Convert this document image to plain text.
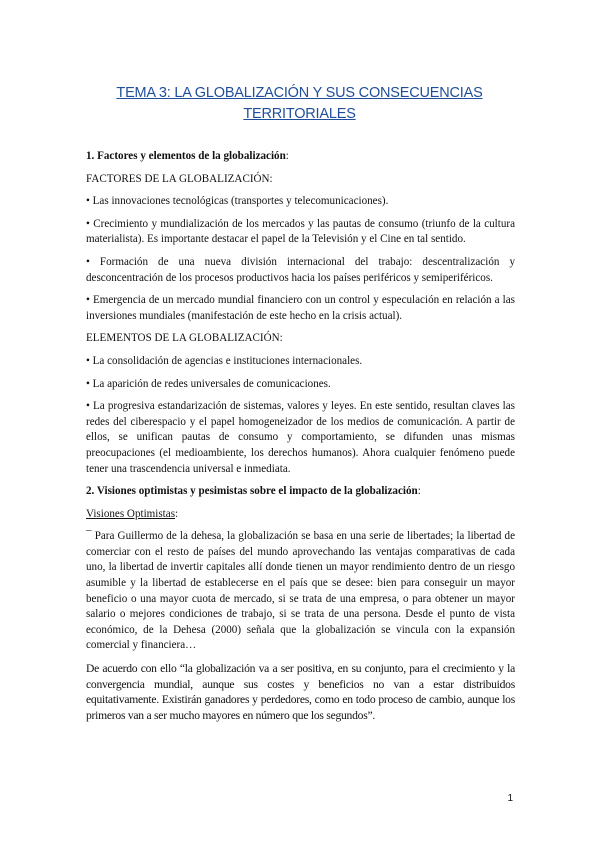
TEMA 3: LA GLOBALIZACIÓN Y SUS CONSECUENCIAS TERRITORIALES

1. Factores y elementos de la globalización:

FACTORES DE LA GLOBALIZACIÓN:

• Las innovaciones tecnológicas (transportes y telecomunicaciones).

• Crecimiento y mundialización de los mercados y las pautas de consumo (triunfo de la cultura materialista). Es importante destacar el papel de la Televisión y el Cine en tal sentido.

• Formación de una nueva división internacional del trabajo: descentralización y desconcentración de los procesos productivos hacia los países periféricos y semiperiféricos.

• Emergencia de un mercado mundial financiero con un control y especulación en relación a las inversiones mundiales (manifestación de este hecho en la crisis actual).

ELEMENTOS DE LA GLOBALIZACIÓN:

• La consolidación de agencias e instituciones internacionales.

• La aparición de redes universales de comunicaciones.

• La progresiva estandarización de sistemas, valores y leyes. En este sentido, resultan claves las redes del ciberespacio y el papel homogeneizador de los medios de comunicación. A partir de ellos, se unifican pautas de consumo y comportamiento, se difunden unas mismas preocupaciones (el medioambiente, los derechos humanos). Ahora cualquier fenómeno puede tener una trascendencia universal e inmediata.

2. Visiones optimistas y pesimistas sobre el impacto de la globalización:

Visiones Optimistas:

¯ Para Guillermo de la dehesa, la globalización se basa en una serie de libertades; la libertad de comerciar con el resto de países del mundo aprovechando las ventajas comparativas de cada uno, la libertad de invertir capitales allí donde tienen un mayor rendimiento dentro de un riesgo asumible y la libertad de establecerse en el país que se desee: bien para conseguir un mayor beneficio o una mayor cuota de mercado, si se trata de una empresa, o para obtener un mayor salario o mejores condiciones de trabajo, si se trata de una persona. Desde el punto de vista económico, de la Dehesa (2000) señala que la globalización se vincula con la expansión comercial y financiera…

De acuerdo con ello “la globalización va a ser positiva, en su conjunto, para el crecimiento y la convergencia mundial, aunque sus costes y beneficios no van a estar distribuidos equitativamente. Existirán ganadores y perdedores, como en todo proceso de cambio, aunque los primeros van a ser mucho mayores en número que los segundos”.

1
